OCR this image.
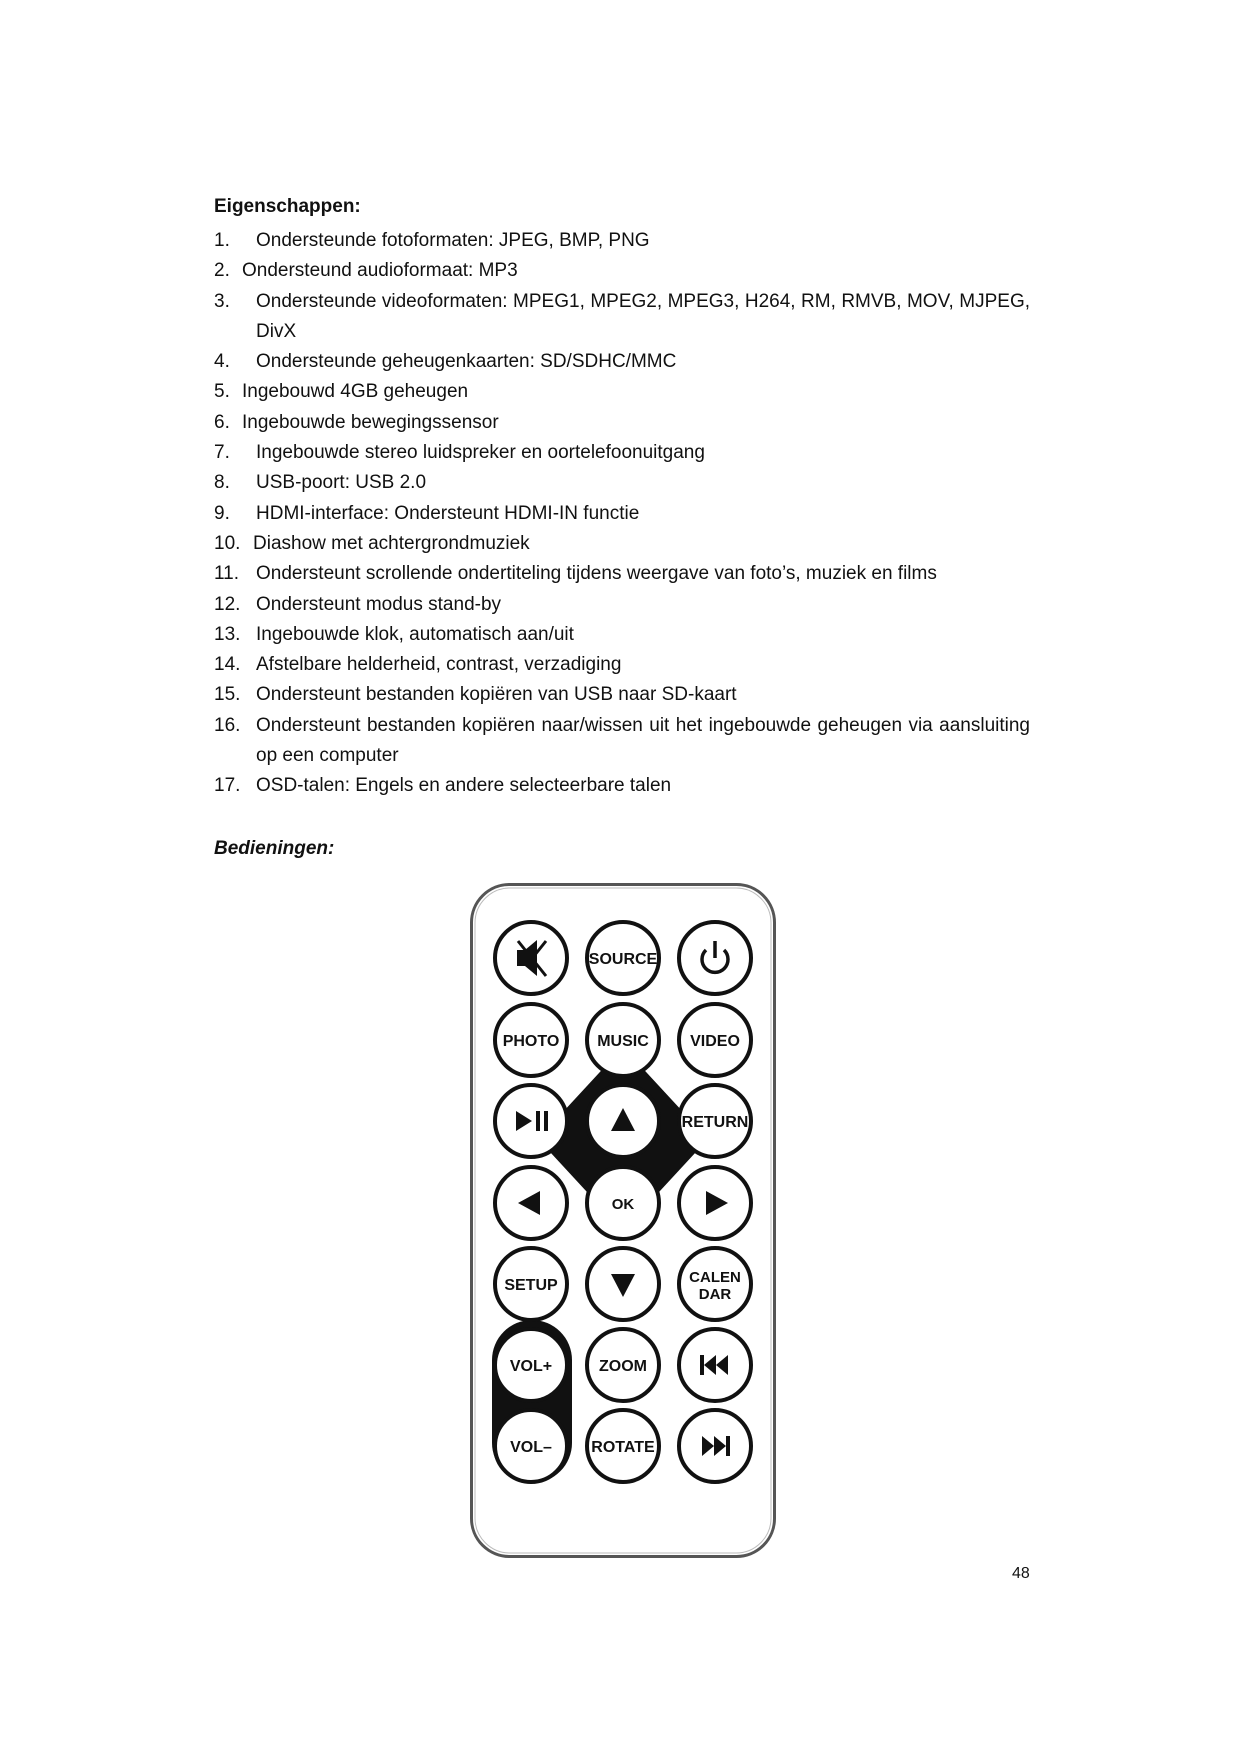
Eigenschappen:

1. Ondersteunde fotoformaten: JPEG, BMP, PNG
2. Ondersteund audioformaat: MP3
3. Ondersteunde videoformaten: MPEG1, MPEG2, MPEG3, H264, RM, RMVB, MOV, MJPEG, DivX
4. Ondersteunde geheugenkaarten: SD/SDHC/MMC
5. Ingebouwd 4GB geheugen
6. Ingebouwde bewegingssensor
7. Ingebouwde stereo luidspreker en oortelefoonuitgang
8. USB-poort: USB 2.0
9. HDMI-interface: Ondersteunt HDMI-IN functie
10. Diashow met achtergrondmuziek
11. Ondersteunt scrollende ondertiteling tijdens weergave van foto’s, muziek en films
12. Ondersteunt modus stand-by
13. Ingebouwde klok, automatisch aan/uit
14. Afstelbare helderheid, contrast, verzadiging
15. Ondersteunt bestanden kopiëren van USB naar SD-kaart
16. Ondersteunt bestanden kopiëren naar/wissen uit het ingebouwde geheugen via aansluiting op een computer
17. OSD-talen: Engels en andere selecteerbare talen

Bedieningen:

SOURCE
PHOTO MUSIC	VIDEO
RETURN
OK
SETUP	CALEN
DAR
VOL+	ZOOM
VOL– ROTATE
48
